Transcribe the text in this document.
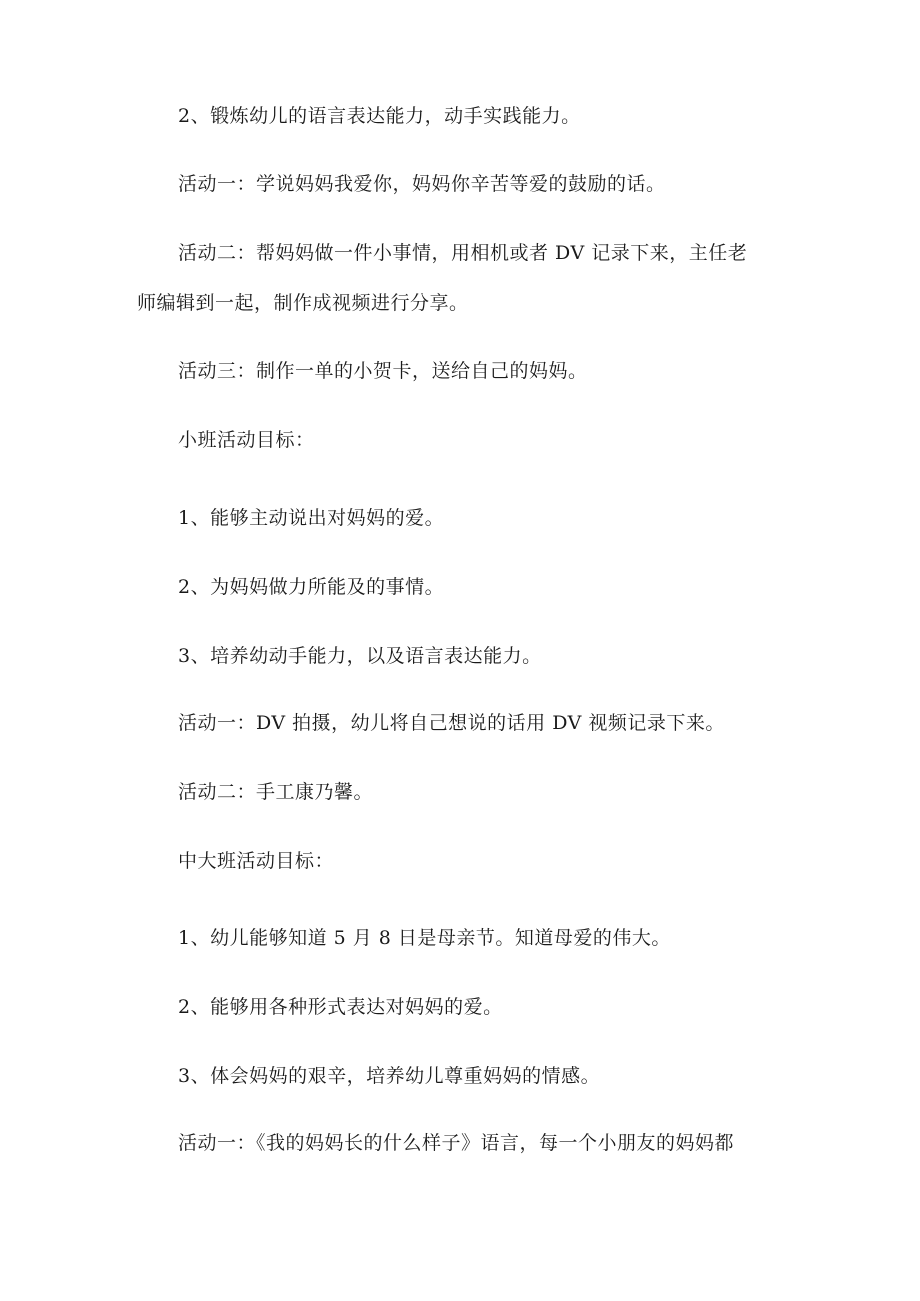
2、锻炼幼儿的语言表达能力，动手实践能力。
活动一：学说妈妈我爱你，妈妈你辛苦等爱的鼓励的话。
活动二：帮妈妈做一件小事情，用相机或者 DV 记录下来，主任老
师编辑到一起，制作成视频进行分享。
活动三：制作一单的小贺卡，送给自己的妈妈。
小班活动目标：
1、能够主动说出对妈妈的爱。
2、为妈妈做力所能及的事情。
3、培养幼动手能力，以及语言表达能力。
活动一：DV 拍摄，幼儿将自己想说的话用 DV 视频记录下来。
活动二：手工康乃馨。
中大班活动目标：
1、幼儿能够知道 5 月 8 日是母亲节。知道母爱的伟大。
2、能够用各种形式表达对妈妈的爱。
3、体会妈妈的艰辛，培养幼儿尊重妈妈的情感。
活动一：《我的妈妈长的什么样子》语言，每一个小朋友的妈妈都
